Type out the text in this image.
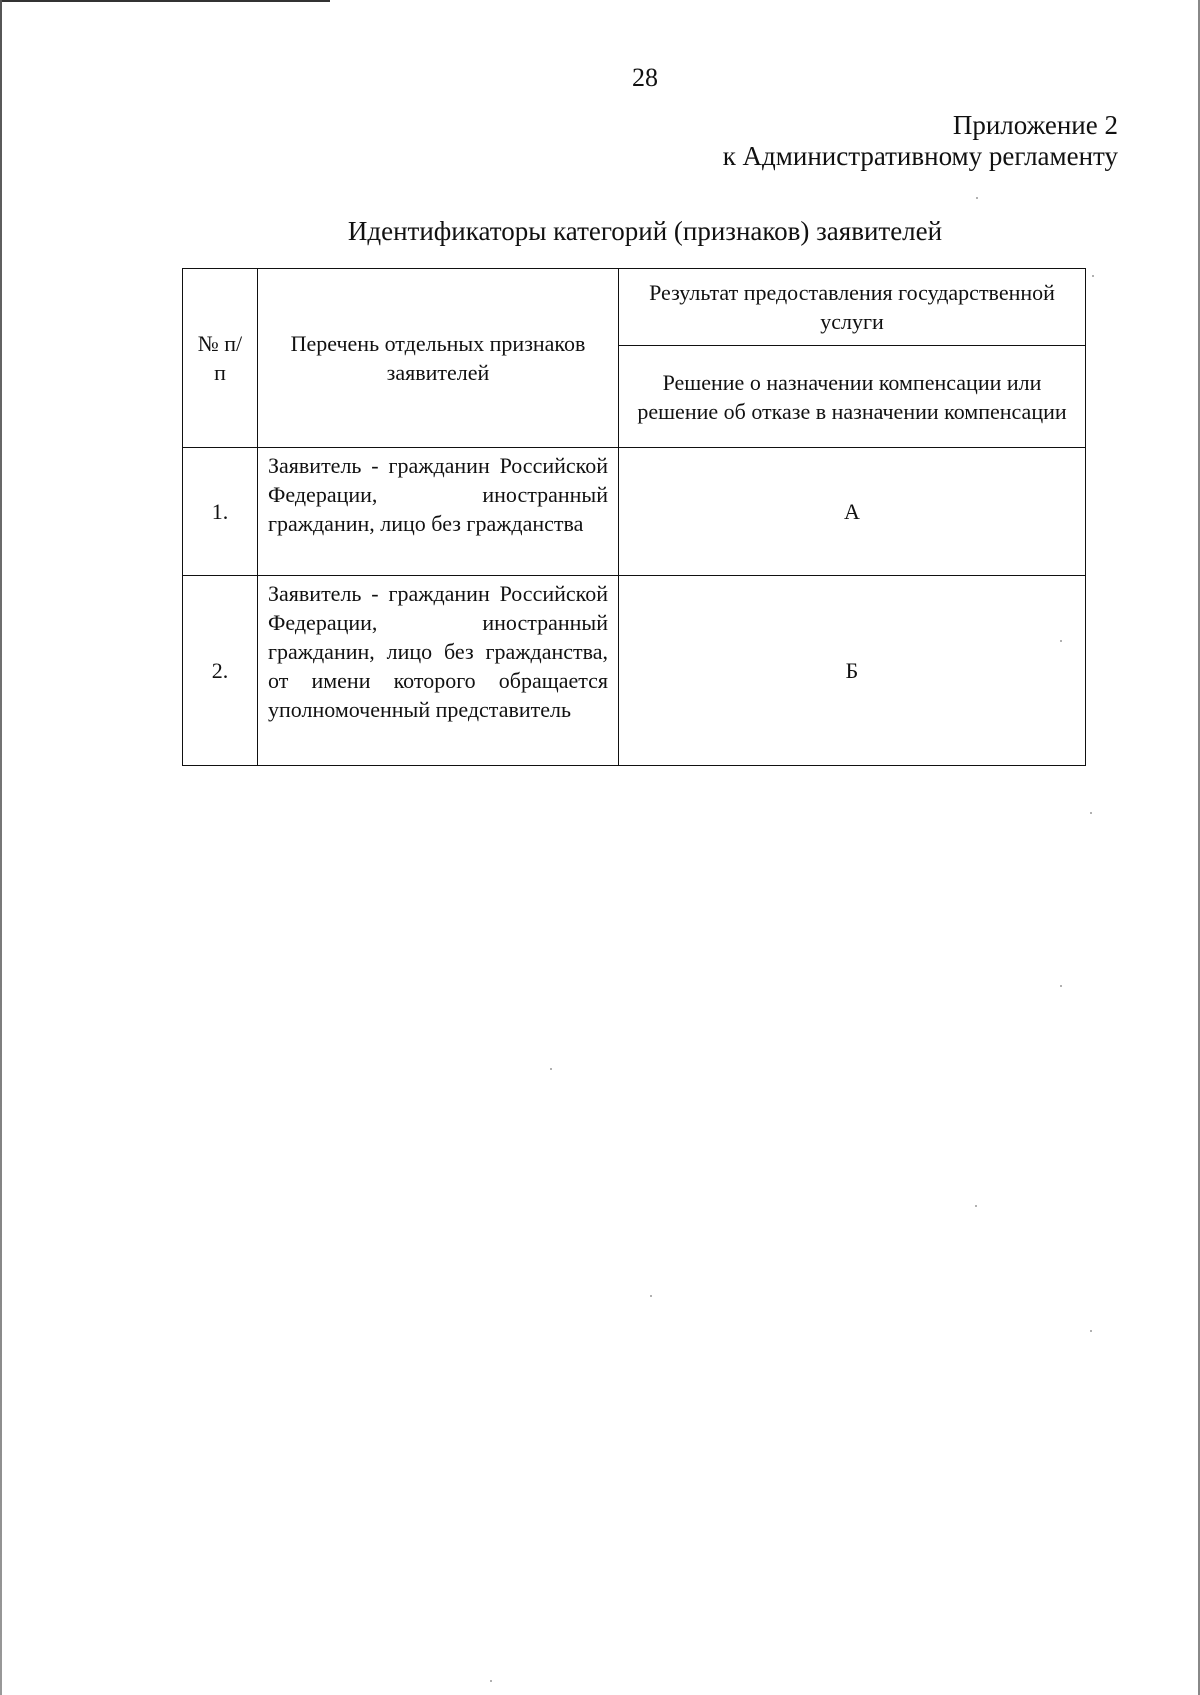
28
Приложение 2
к Административному регламенту
Идентификаторы категорий (признаков) заявителей
№ п/п	Перечень отдельных признаков заявителей	Результат предоставления государственной услуги
		Решение о назначении компенсации или решение об отказе в назначении компенсации
1.	Заявитель - гражданин Российской Федерации, иностранный гражданин, лицо без гражданства	А
2.	Заявитель - гражданин Российской Федерации, иностранный гражданин, лицо без гражданства, от имени которого обращается уполномоченный представитель	Б
